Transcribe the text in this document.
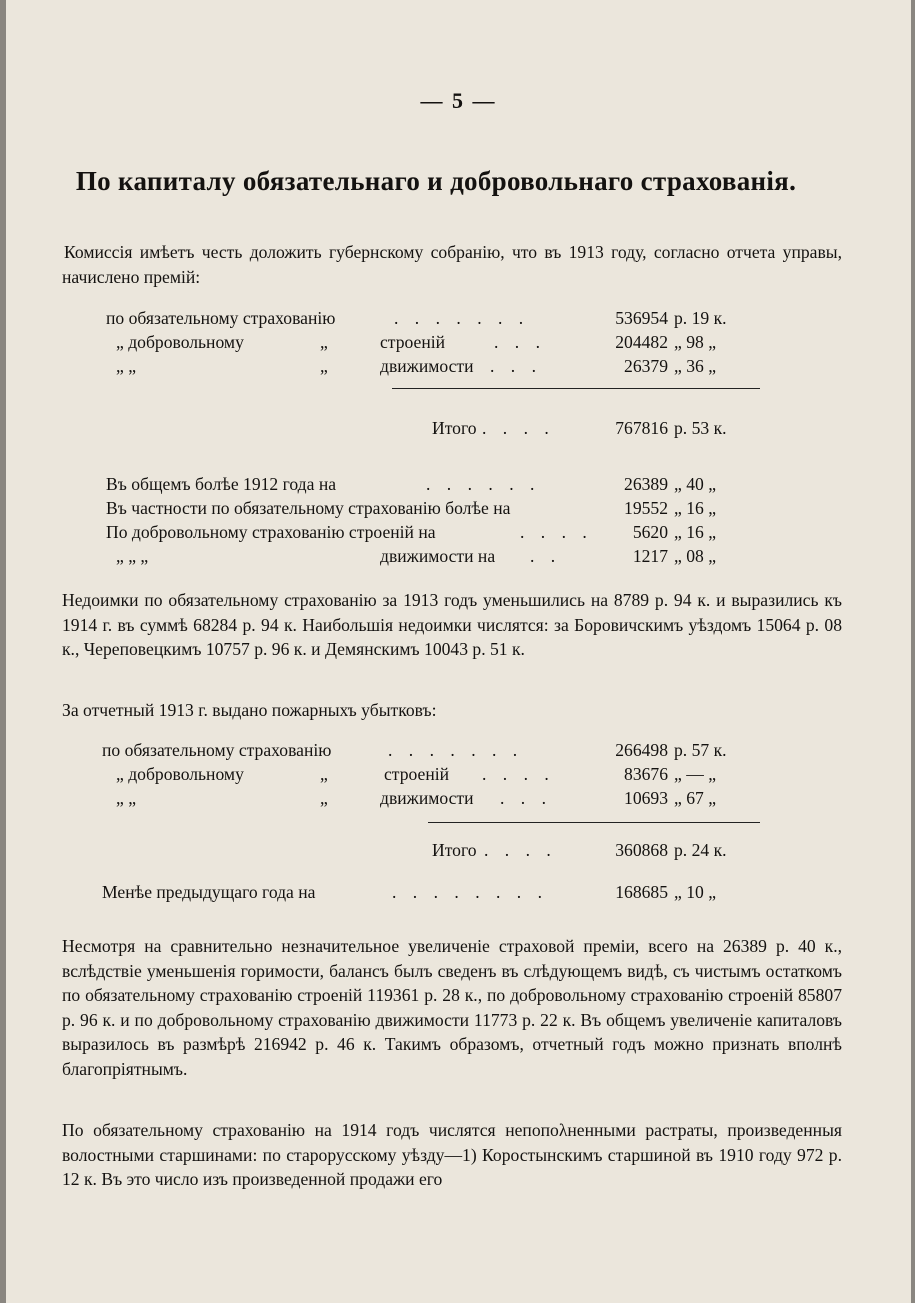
— 5 —
По капиталу обязательнаго и добровольнаго страхованія.
Комиссія имѣетъ честь доложить губернскому собранію, что въ 1913 году, согласно отчета управы, начислено премій:
по обязательному страхованію	. . . . . . .	536954 р. 19 к.
„ добровольному	„	строеній	. . .	204482 „ 98 „
„ „	„	движимости . . .	26379 „ 36 „
Итого . . . .	767816 р. 53 к.
Въ общемъ болѣе 1912 года на	. . . . . .	26389 „ 40 „
Въ частности по обязательному страхованію болѣе на	19552 „ 16 „
По добровольному страхованію строеній на	. . . .	5620 „ 16 „
„ „ „	движимости на . .	1217 „ 08 „
Недоимки по обязательному страхованію за 1913 годъ уменьшились на 8789 р. 94 к. и выразились къ 1914 г. въ суммѣ 68284 р. 94 к. Наибольшія недоимки числятся: за Боровичскимъ уѣздомъ 15064 р. 08 к., Череповецкимъ 10757 р. 96 к. и Демянскимъ 10043 р. 51 к.
За отчетный 1913 г. выдано пожарныхъ убытковъ:
по обязательному страхованію	. . . . . . .	266498 р. 57 к.
„ добровольному	„	строеній . . . .	83676 „ — „
„ „	„	движимости . . .	10693 „ 67 „
Итого . . . .	360868 р. 24 к.
Менѣе предыдущаго года на	. . . . . . . .	168685 „ 10 „
Несмотря на сравнительно незначительное увеличеніе страховой преміи, всего на 26389 р. 40 к., вслѣдствіе уменьшенія горимости, балансъ былъ сведенъ въ слѣдующемъ видѣ, съ чистымъ остаткомъ по обязательному страхованію строеній 119361 р. 28 к., по добровольному страхованію строеній 85807 р. 96 к. и по добровольному страхованію движимости 11773 р. 22 к. Въ общемъ увеличеніе капиталовъ выразилось въ размѣрѣ 216942 р. 46 к. Такимъ образомъ, отчетный годъ можно признать вполнѣ благопріятнымъ.
По обязательному страхованію на 1914 годъ числятся непопολненными растраты, произведенныя волостными старшинами: по старорусскому уѣзду—1) Коростынскимъ старшиной въ 1910 году 972 р. 12 к. Въ это число изъ произведенной продажи его
